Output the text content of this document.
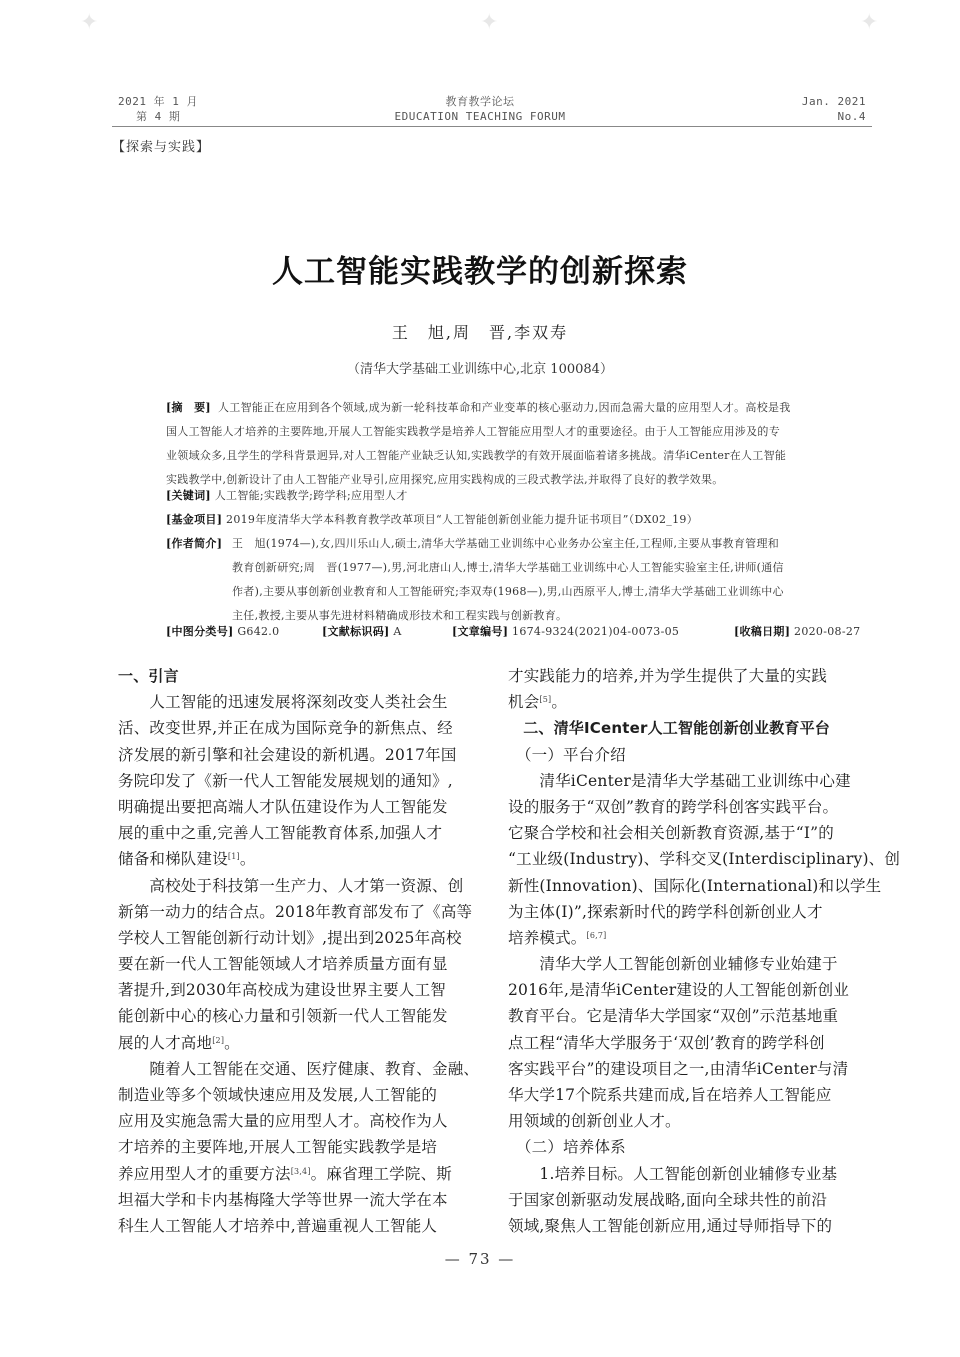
✦	✦	✦
2021 年 1 月
第 4 期
教育教学论坛
EDUCATION TEACHING FORUM
Jan. 2021
No.4
【探索与实践】
人工智能实践教学的创新探索
王　旭,周　晋,李双寿
（清华大学基础工业训练中心,北京 100084）
[摘　要] 人工智能正在应用到各个领域,成为新一轮科技革命和产业变革的核心驱动力,因而急需大量的应用型人才。高校是我
国人工智能人才培养的主要阵地,开展人工智能实践教学是培养人工智能应用型人才的重要途径。由于人工智能应用涉及的专
业领域众多,且学生的学科背景迥异,对人工智能产业缺乏认知,实践教学的有效开展面临着诸多挑战。清华iCenter在人工智能
实践教学中,创新设计了由人工智能产业导引,应用探究,应用实践构成的三段式教学法,并取得了良好的教学效果。
[关键词] 人工智能;实践教学;跨学科;应用型人才
[基金项目] 2019年度清华大学本科教育教学改革项目“人工智能创新创业能力提升证书项目”（DX02_19）
[作者简介] 王　旭(1974—),女,四川乐山人,硕士,清华大学基础工业训练中心业务办公室主任,工程师,主要从事教育管理和
教育创新研究;周　晋(1977—),男,河北唐山人,博士,清华大学基础工业训练中心人工智能实验室主任,讲师(通信
作者),主要从事创新创业教育和人工智能研究;李双寿(1968—),男,山西原平人,博士,清华大学基础工业训练中心
主任,教授,主要从事先进材料精确成形技术和工程实践与创新教育。
[中图分类号] G642.0	[文献标识码] A	[文章编号] 1674-9324(2021)04-0073-05	[收稿日期] 2020-08-27
一、引言
　　人工智能的迅速发展将深刻改变人类社会生
活、改变世界,并正在成为国际竞争的新焦点、经
济发展的新引擎和社会建设的新机遇。2017年国
务院印发了《新一代人工智能发展规划的通知》,
明确提出要把高端人才队伍建设作为人工智能发
展的重中之重,完善人工智能教育体系,加强人才
储备和梯队建设[1]。
　　高校处于科技第一生产力、人才第一资源、创
新第一动力的结合点。2018年教育部发布了《高等
学校人工智能创新行动计划》,提出到2025年高校
要在新一代人工智能领域人才培养质量方面有显
著提升,到2030年高校成为建设世界主要人工智
能创新中心的核心力量和引领新一代人工智能发
展的人才高地[2]。
　　随着人工智能在交通、医疗健康、教育、金融、
制造业等多个领域快速应用及发展,人工智能的
应用及实施急需大量的应用型人才。高校作为人
才培养的主要阵地,开展人工智能实践教学是培
养应用型人才的重要方法[3,4]。麻省理工学院、斯
坦福大学和卡内基梅隆大学等世界一流大学在本
科生人工智能人才培养中,普遍重视人工智能人
才实践能力的培养,并为学生提供了大量的实践
机会[5]。
　二、清华ICenter人工智能创新创业教育平台
　（一）平台介绍
　　清华iCenter是清华大学基础工业训练中心建
设的服务于“双创”教育的跨学科创客实践平台。
它聚合学校和社会相关创新教育资源,基于“I”的
“工业级(Industry)、学科交叉(Interdisciplinary)、创
新性(Innovation)、国际化(International)和以学生
为主体(I)”,探索新时代的跨学科创新创业人才
培养模式。[6,7]
　　清华大学人工智能创新创业辅修专业始建于
2016年,是清华iCenter建设的人工智能创新创业
教育平台。它是清华大学国家“双创”示范基地重
点工程“清华大学服务于‘双创’教育的跨学科创
客实践平台”的建设项目之一,由清华iCenter与清
华大学17个院系共建而成,旨在培养人工智能应
用领域的创新创业人才。
　（二）培养体系
　　1.培养目标。人工智能创新创业辅修专业基
于国家创新驱动发展战略,面向全球共性的前沿
领域,聚焦人工智能创新应用,通过导师指导下的
— 73 —
